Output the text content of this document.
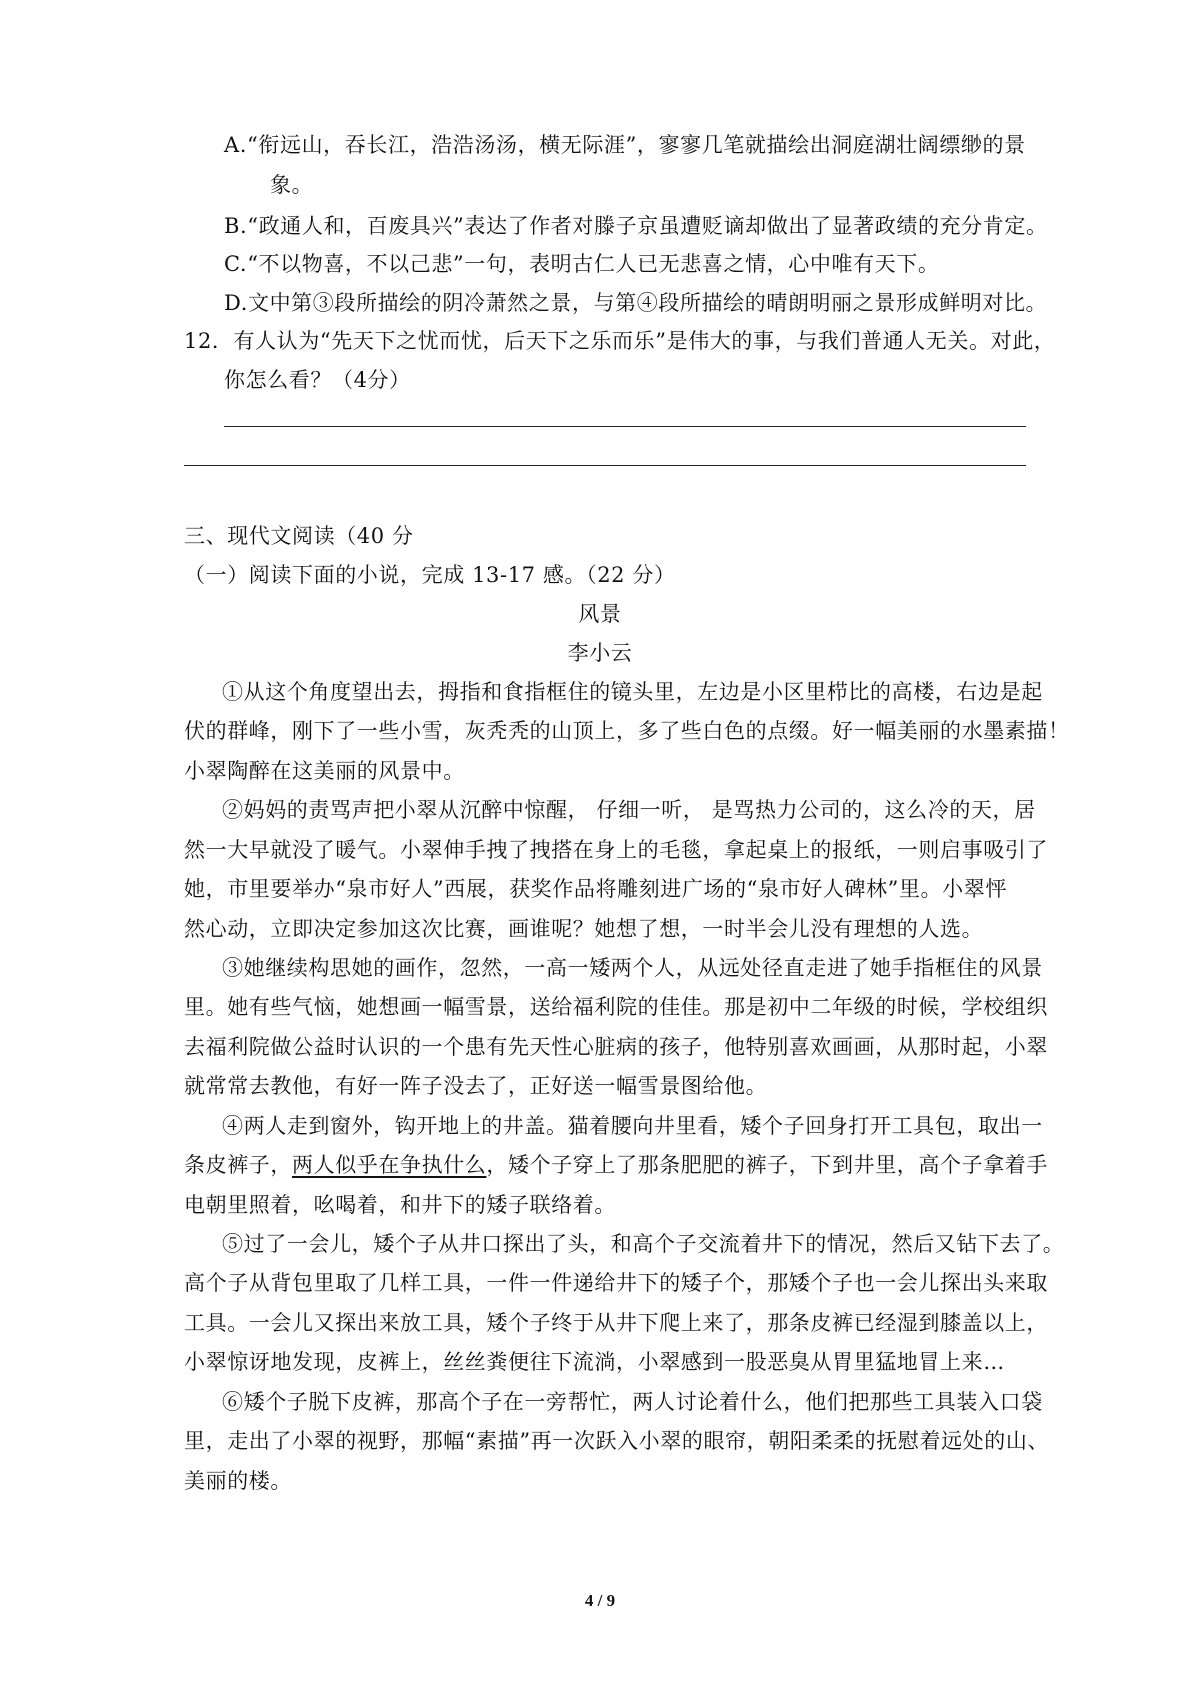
A.“衔远山，吞长江，浩浩汤汤，横无际涯”，寥寥几笔就描绘出洞庭湖壮阔缥缈的景
象。
B.“政通人和，百废具兴”表达了作者对滕子京虽遭贬谪却做出了显著政绩的充分肯定。
C.“不以物喜，不以己悲”一句，表明古仁人已无悲喜之情，心中唯有天下。
D.文中第③段所描绘的阴冷萧然之景，与第④段所描绘的晴朗明丽之景形成鲜明对比。
12．有人认为“先天下之忧而忧，后天下之乐而乐”是伟大的事，与我们普通人无关。对此，
你怎么看？（4分）
三、现代文阅读（40 分
（一）阅读下面的小说，完成 13-17 感。（22 分）
风景
李小云
①从这个角度望出去，拇指和食指框住的镜头里，左边是小区里栉比的高楼，右边是起
伏的群峰，刚下了一些小雪，灰秃秃的山顶上，多了些白色的点缀。好一幅美丽的水墨素描！
小翠陶醉在这美丽的风景中。
②妈妈的责骂声把小翠从沉醉中惊醒， 仔细一听， 是骂热力公司的，这么冷的天，居
然一大早就没了暖气。小翠伸手拽了拽搭在身上的毛毯，拿起桌上的报纸，一则启事吸引了
她，市里要举办“泉市好人”西展，获奖作品将雕刻进广场的“泉市好人碑林”里。小翠怦
然心动，立即决定参加这次比赛，画谁呢？她想了想，一时半会儿没有理想的人选。
③她继续构思她的画作，忽然，一高一矮两个人，从远处径直走进了她手指框住的风景
里。她有些气恼，她想画一幅雪景，送给福利院的佳佳。那是初中二年级的时候，学校组织
去福利院做公益时认识的一个患有先天性心脏病的孩子，他特别喜欢画画，从那时起，小翠
就常常去教他，有好一阵子没去了，正好送一幅雪景图给他。
④两人走到窗外，钩开地上的井盖。猫着腰向井里看，矮个子回身打开工具包，取出一
条皮裤子，两人似乎在争执什么，矮个子穿上了那条肥肥的裤子，下到井里，高个子拿着手
电朝里照着，吆喝着，和井下的矮子联络着。
⑤过了一会儿，矮个子从井口探出了头，和高个子交流着井下的情况，然后又钻下去了。
高个子从背包里取了几样工具，一件一件递给井下的矮子个，那矮个子也一会儿探出头来取
工具。一会儿又探出来放工具，矮个子终于从井下爬上来了，那条皮裤已经湿到膝盖以上，
小翠惊讶地发现，皮裤上，丝丝粪便往下流淌，小翠感到一股恶臭从胃里猛地冒上来…
⑥矮个子脱下皮裤，那高个子在一旁帮忙，两人讨论着什么，他们把那些工具装入口袋
里，走出了小翠的视野，那幅“素描”再一次跃入小翠的眼帘，朝阳柔柔的抚慰着远处的山、
美丽的楼。
4 / 9
